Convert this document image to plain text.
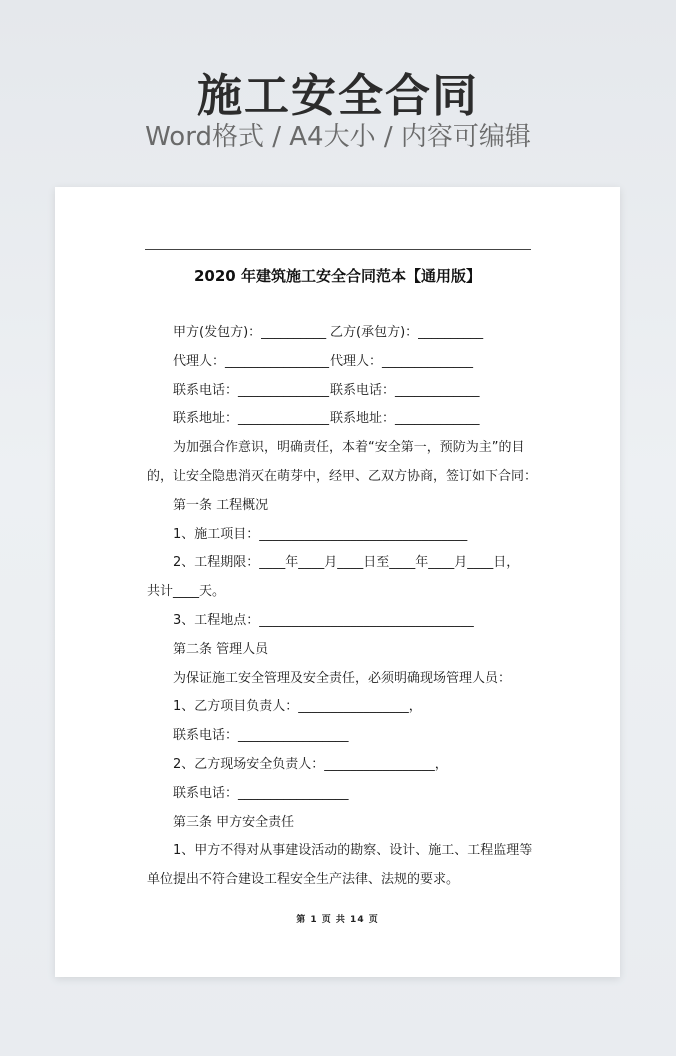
施工安全合同
Word格式 / A4大小 / 内容可编辑
2020 年建筑施工安全合同范本【通用版】
甲方(发包方)：__________ 乙方(承包方)：__________
代理人：________________ 代理人：______________
联系电话：______________ 联系电话：_____________
联系地址：______________ 联系地址：_____________
为加强合作意识，明确责任，本着“安全第一，预防为主”的目
的，让安全隐患消灭在萌芽中，经甲、乙双方协商，签订如下合同：
第一条 工程概况
1、施工项目：________________________________
2、工程期限：____年____月____日至____年____月____日，
共计____天。
3、工程地点：_________________________________
第二条 管理人员
为保证施工安全管理及安全责任，必须明确现场管理人员：
1、乙方项目负责人：_________________，
联系电话：_________________
2、乙方现场安全负责人：_________________，
联系电话：_________________
第三条 甲方安全责任
1、甲方不得对从事建设活动的勘察、设计、施工、工程监理等
单位提出不符合建设工程安全生产法律、法规的要求。
第 1 页 共 14 页
